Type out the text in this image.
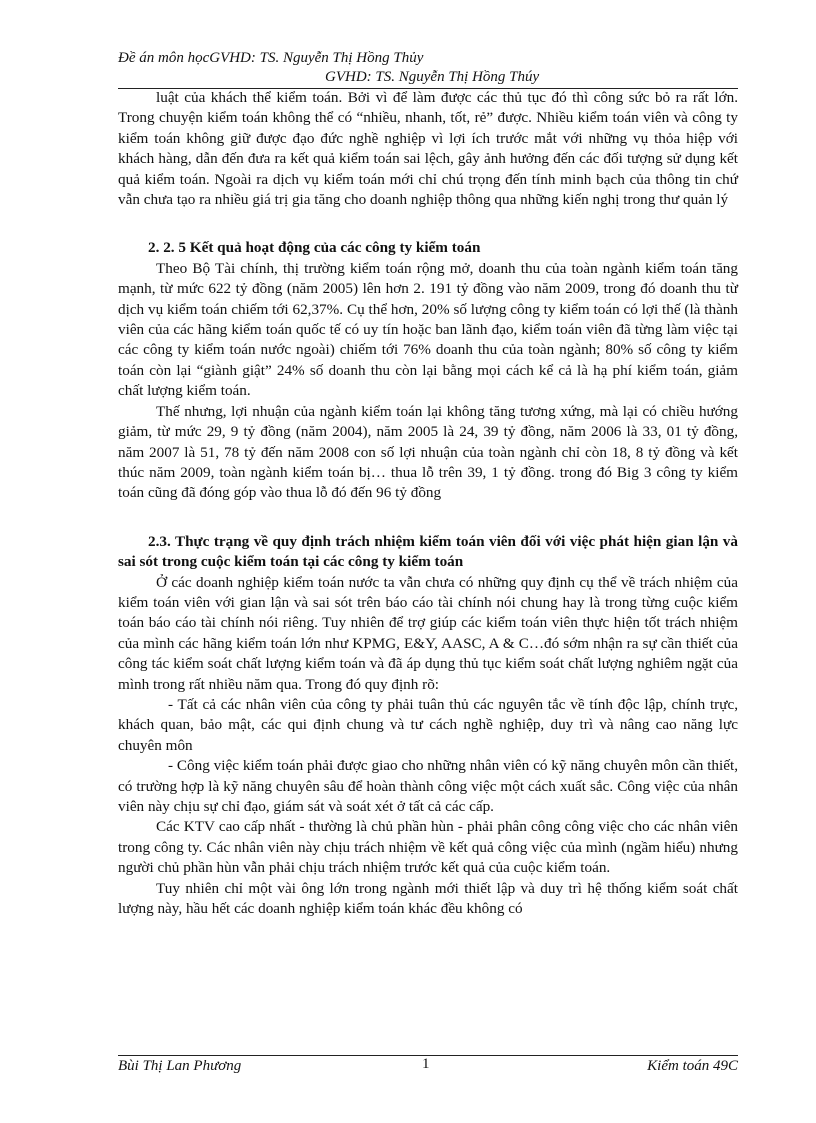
Đề án môn họcGVHD: TS. Nguyễn Thị Hồng Thủy
GVHD: TS. Nguyễn Thị Hồng Thúy

luật của khách thể kiểm toán. Bởi vì để làm được các thủ tục đó thì công sức bỏ ra rất lớn. Trong chuyện kiểm toán không thể có “nhiều, nhanh, tốt, rẻ” được. Nhiều kiểm toán viên và công ty kiểm toán không giữ được đạo đức nghề nghiệp vì lợi ích trước mắt với những vụ thỏa hiệp với khách hàng, dẫn đến đưa ra kết quả kiểm toán sai lệch, gây ảnh hưởng đến các đối tượng sử dụng kết quả kiểm toán. Ngoài ra dịch vụ kiểm toán mới chỉ chú trọng đến tính minh bạch của thông tin chứ vẫn chưa tạo ra nhiều giá trị gia tăng cho doanh nghiệp thông qua những kiến nghị trong thư quản lý

2. 2. 5 Kết quả hoạt động của các công ty kiểm toán

Theo Bộ Tài chính, thị trường kiểm toán rộng mở, doanh thu của toàn ngành kiểm toán tăng mạnh, từ mức 622 tỷ đồng (năm 2005) lên hơn 2. 191 tỷ đồng vào năm 2009, trong đó doanh thu từ dịch vụ kiểm toán chiếm tới 62,37%. Cụ thể hơn, 20% số lượng công ty kiểm toán có lợi thế (là thành viên của các hãng kiểm toán quốc tế có uy tín hoặc ban lãnh đạo, kiểm toán viên đã từng làm việc tại các công ty kiểm toán nước ngoài) chiếm tới 76% doanh thu của toàn ngành; 80% số công ty kiểm toán còn lại “giành giật” 24% số doanh thu còn lại bằng mọi cách kể cả là hạ phí kiểm toán, giảm chất lượng kiểm toán.

Thế nhưng, lợi nhuận của ngành kiểm toán lại không tăng tương xứng, mà lại có chiều hướng giảm, từ mức 29, 9 tỷ đồng (năm 2004), năm 2005 là 24, 39 tỷ đồng, năm 2006 là 33, 01 tỷ đồng, năm 2007 là 51, 78 tỷ đến năm 2008 con số lợi nhuận của toàn ngành chỉ còn 18, 8 tỷ đồng và kết thúc năm 2009, toàn ngành kiểm toán bị… thua lỗ trên 39, 1 tỷ đồng. trong đó Big 3 công ty kiểm toán cũng đã đóng góp vào thua lỗ đó đến 96 tỷ đồng

2.3. Thực trạng về quy định trách nhiệm kiểm toán viên đối với việc phát hiện gian lận và sai sót trong cuộc kiểm toán tại các công ty kiểm toán

Ở các doanh nghiệp kiểm toán nước ta vẫn chưa có những quy định cụ thể về trách nhiệm của kiểm toán viên với gian lận và sai sót trên báo cáo tài chính nói chung hay là trong từng cuộc kiểm toán báo cáo tài chính nói riêng. Tuy nhiên để trợ giúp các kiểm toán viên thực hiện tốt trách nhiệm của mình các hãng kiểm toán lớn như KPMG, E&Y, AASC, A & C…đó sớm nhận ra sự cần thiết của công tác kiểm soát chất lượng kiểm toán và đã áp dụng thủ tục kiểm soát chất lượng nghiêm ngặt của mình trong rất nhiều năm qua. Trong đó quy định rõ:

- Tất cả các nhân viên của công ty phải tuân thủ các nguyên tắc về tính độc lập, chính trực, khách quan, bảo mật, các qui định chung và tư cách nghề nghiệp, duy trì và nâng cao năng lực chuyên môn

- Công việc kiểm toán phải được giao cho những nhân viên có kỹ năng chuyên môn cần thiết, có trường hợp là kỹ năng chuyên sâu để hoàn thành công việc một cách xuất sắc. Công việc của nhân viên này chịu sự chỉ đạo, giám sát và soát xét ở tất cả các cấp.

Các KTV cao cấp nhất - thường là chủ phần hùn - phải phân công công việc cho các nhân viên trong công ty. Các nhân viên này chịu trách nhiệm về kết quả công việc của mình (ngầm hiểu) nhưng người chủ phần hùn vẫn phải chịu trách nhiệm trước kết quả của cuộc kiểm toán.

Tuy nhiên chỉ một vài ông lớn trong ngành mới thiết lập và duy trì hệ thống kiểm soát chất lượng này, hầu hết các doanh nghiệp kiểm toán khác đều không có

Bùi Thị Lan Phương	1	Kiểm toán 49C
